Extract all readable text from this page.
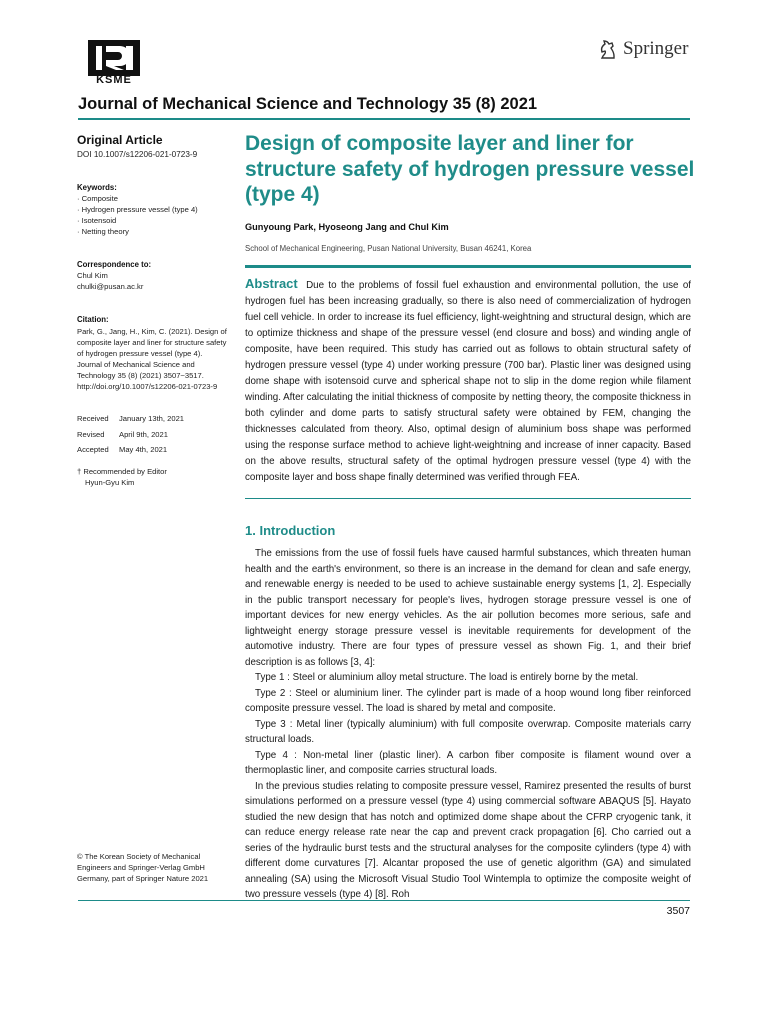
KSME
Springer
Journal of Mechanical Science and Technology 35 (8) 2021
Original Article
DOI 10.1007/s12206-021-0723-9
Keywords:
· Composite
· Hydrogen pressure vessel (type 4)
· Isotensoid
· Netting theory
Correspondence to:
Chul Kim
chulki@pusan.ac.kr
Citation:
Park, G., Jang, H., Kim, C. (2021). Design of composite layer and liner for structure safety of hydrogen pressure vessel (type 4). Journal of Mechanical Science and Technology 35 (8) (2021) 3507~3517. http://doi.org/10.1007/s12206-021-0723-9
Received	January 13th, 2021
Revised	April 9th, 2021
Accepted	May 4th, 2021
† Recommended by Editor
Hyun-Gyu Kim
© The Korean Society of Mechanical Engineers and Springer-Verlag GmbH Germany, part of Springer Nature 2021
Design of composite layer and liner for structure safety of hydrogen pressure vessel (type 4)
Gunyoung Park, Hyoseong Jang and Chul Kim
School of Mechanical Engineering, Pusan National University, Busan 46241, Korea
Abstract Due to the problems of fossil fuel exhaustion and environmental pollution, the use of hydrogen fuel has been increasing gradually, so there is also need of commercialization of hydrogen fuel cell vehicle. In order to increase its fuel efficiency, light-weightning and structural design, which are to optimize thickness and shape of the pressure vessel (end closure and boss) and winding angle of composite, have been required. This study has carried out as follows to obtain structural safety of hydrogen pressure vessel (type 4) under working pressure (700 bar). Plastic liner was designed using dome shape with isotensoid curve and spherical shape not to slip in the dome region while filament winding. After calculating the initial thickness of composite by netting theory, the composite thickness in both cylinder and dome parts to satisfy structural safety were obtained by FEM, changing the thicknesses calculated from theory. Also, optimal design of aluminium boss shape was performed using the response surface method to achieve light-weightning and increase of inner capacity. Based on the above results, structural safety of the optimal hydrogen pressure vessel (type 4) with the composite layer and boss shape finally determined was verified through FEA.
1. Introduction

The emissions from the use of fossil fuels have caused harmful substances, which threaten human health and the earth's environment, so there is an increase in the demand for clean and safe energy, and renewable energy is needed to be used to achieve sustainable energy systems [1, 2]. Especially in the public transport necessary for people's lives, hydrogen storage pressure vessel is one of important devices for new energy vehicles. As the air pollution becomes more serious, safe and lightweight energy storage pressure vessel is inevitable requirements for development of the automotive industry. There are four types of pressure vessel as shown Fig. 1, and their brief description is as follows [3, 4]:

Type 1 : Steel or aluminium alloy metal structure. The load is entirely borne by the metal.

Type 2 : Steel or aluminium liner. The cylinder part is made of a hoop wound long fiber reinforced composite pressure vessel. The load is shared by metal and composite.

Type 3 : Metal liner (typically aluminium) with full composite overwrap. Composite materials carry structural loads.

Type 4 : Non-metal liner (plastic liner). A carbon fiber composite is filament wound over a thermoplastic liner, and composite carries structural loads.

In the previous studies relating to composite pressure vessel, Ramirez presented the results of burst simulations performed on a pressure vessel (type 4) using commercial software ABAQUS [5]. Hayato studied the new design that has notch and optimized dome shape about the CFRP cryogenic tank, it can reduce energy release rate near the cap and prevent crack propagation [6]. Cho carried out a series of the hydraulic burst tests and the structural analyses for the composite cylinders (type 4) with different dome curvatures [7]. Alcantar proposed the use of genetic algorithm (GA) and simulated annealing (SA) using the Microsoft Visual Studio Tool Wintempla to optimize the composite weight of two pressure vessels (type 4) [8]. Roh

3507
